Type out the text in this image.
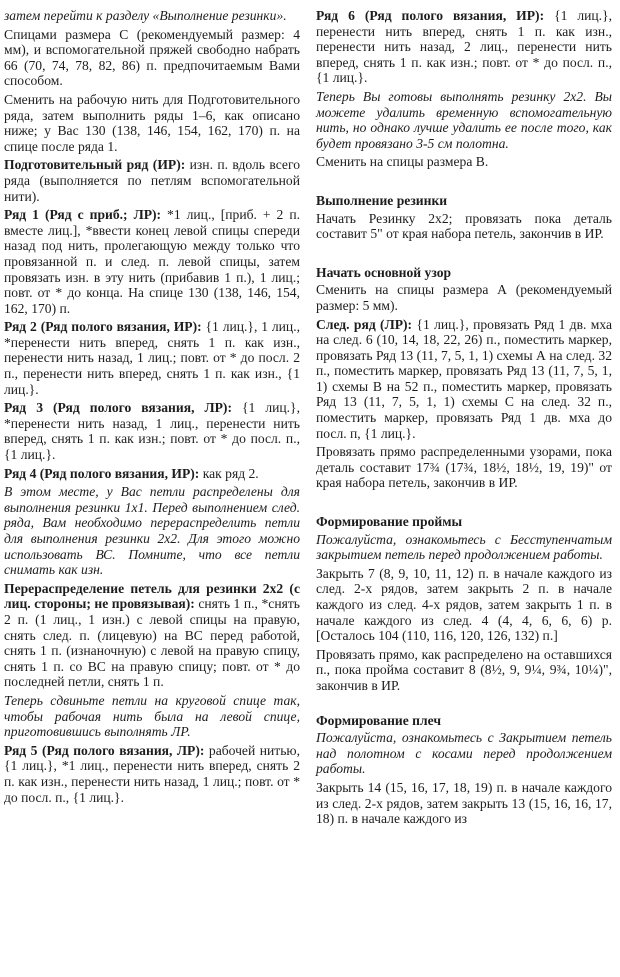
затем перейти к разделу «Выполнение резинки».
Спицами размера С (рекомендуемый размер: 4 мм), и вспомогательной пряжей свободно набрать 66 (70, 74, 78, 82, 86) п. предпочитаемым Вами способом.
Сменить на рабочую нить для Подготовительного ряда, затем выполнить ряды 1–6, как описано ниже; у Вас 130 (138, 146, 154, 162, 170) п. на спице после ряда 1.
Подготовительный ряд (ИР): изн. п. вдоль всего ряда (выполняется по петлям вспомогательной нити).
Ряд 1 (Ряд с приб.; ЛР): *1 лиц., [приб. + 2 п. вместе лиц.], *ввести конец левой спицы спереди назад под нить, пролегающую между только что провязанной п. и след. п. левой спицы, затем провязать изн. в эту нить (прибавив 1 п.), 1 лиц.; повт. от * до конца. На спице 130 (138, 146, 154, 162, 170) п.
Ряд 2 (Ряд полого вязания, ИР): {1 лиц.}, 1 лиц., *перенести нить вперед, снять 1 п. как изн., перенести нить назад, 1 лиц.; повт. от * до посл. 2 п., перенести нить вперед, снять 1 п. как изн., {1 лиц.}.
Ряд 3 (Ряд полого вязания, ЛР): {1 лиц.}, *перенести нить назад, 1 лиц., перенести нить вперед, снять 1 п. как изн.; повт. от * до посл. п., {1 лиц.}.
Ряд 4 (Ряд полого вязания, ИР): как ряд 2.
В этом месте, у Вас петли распределены для выполнения резинки 1x1. Перед выполнением след. ряда, Вам необходимо перераспределить петли для выполнения резинки 2x2. Для этого можно использовать ВС. Помните, что все петли снимать как изн.
Перераспределение петель для резинки 2x2 (с лиц. стороны; не провязывая): снять 1 п., *снять 2 п. (1 лиц., 1 изн.) с левой спицы на правую, снять след. п. (лицевую) на ВС перед работой, снять 1 п. (изнаночную) с левой на правую спицу, снять 1 п. со ВС на правую спицу; повт. от * до последней петли, снять 1 п.
Теперь сдвиньте петли на круговой спице так, чтобы рабочая нить была на левой спице, приготовившись выполнять ЛР.
Ряд 5 (Ряд полого вязания, ЛР): рабочей нитью, {1 лиц.}, *1 лиц., перенести нить вперед, снять 2 п. как изн., перенести нить назад, 1 лиц.; повт. от * до посл. п., {1 лиц.}.
Ряд 6 (Ряд полого вязания, ИР): {1 лиц.}, перенести нить вперед, снять 1 п. как изн., перенести нить назад, 2 лиц., перенести нить вперед, снять 1 п. как изн.; повт. от * до посл. п., {1 лиц.}.
Теперь Вы готовы выполнять резинку 2x2. Вы можете удалить временную вспомогательную нить, но однако лучше удалить ее после того, как будет провязано 3-5 см полотна.
Сменить на спицы размера В.
Выполнение резинки
Начать Резинку 2x2; провязать пока деталь составит 5" от края набора петель, закончив в ИР.
Начать основной узор
Сменить на спицы размера А (рекомендуемый размер: 5 мм).
След. ряд (ЛР): {1 лиц.}, провязать Ряд 1 дв. мха на след. 6 (10, 14, 18, 22, 26) п., поместить маркер, провязать Ряд 13 (11, 7, 5, 1, 1) схемы А на след. 32 п., поместить маркер, провязать Ряд 13 (11, 7, 5, 1, 1) схемы В на 52 п., поместить маркер, провязать Ряд 13 (11, 7, 5, 1, 1) схемы С на след. 32 п., поместить маркер, провязать Ряд 1 дв. мха до посл. п, {1 лиц.}.
Провязать прямо распределенными узорами, пока деталь составит 17¾ (17¾, 18½, 18½, 19, 19)" от края набора петель, закончив в ИР.
Формирование проймы
Пожалуйста, ознакомьтесь с Бесступенчатым закрытием петель перед продолжением работы.
Закрыть 7 (8, 9, 10, 11, 12) п. в начале каждого из след. 2-х рядов, затем закрыть 2 п. в начале каждого из след. 4-х рядов, затем закрыть 1 п. в начале каждого из след. 4 (4, 4, 6, 6, 6) р. [Осталось 104 (110, 116, 120, 126, 132) п.]
Провязать прямо, как распределено на оставшихся п., пока пройма составит 8 (8½, 9, 9¼, 9¾, 10¼)", закончив в ИР.
Формирование плеч
Пожалуйста, ознакомьтесь с Закрытием петель над полотном с косами перед продолжением работы.
Закрыть 14 (15, 16, 17, 18, 19) п. в начале каждого из след. 2-х рядов, затем закрыть 13 (15, 16, 16, 17, 18) п. в начале каждого из
